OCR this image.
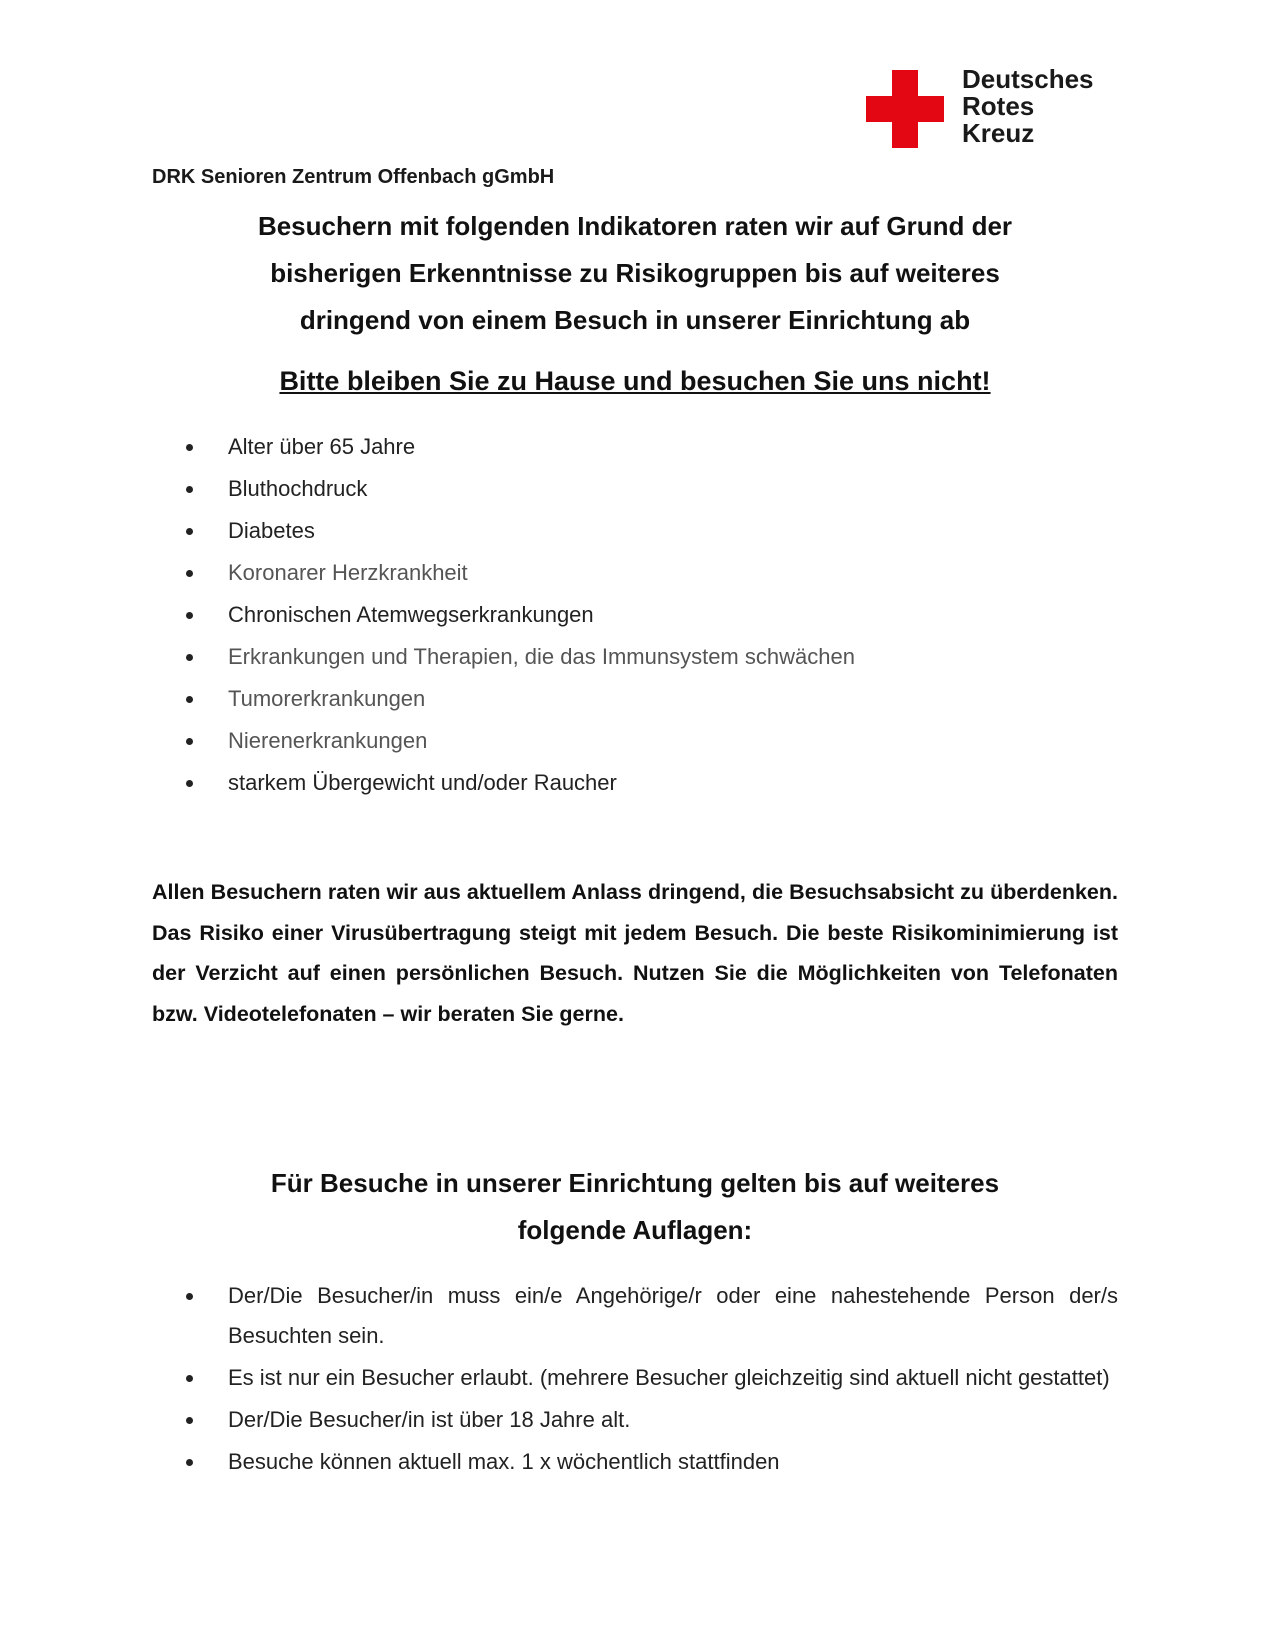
Deutsches
Rotes
Kreuz
DRK Senioren Zentrum Offenbach gGmbH
Besuchern mit folgenden Indikatoren raten wir auf Grund der
bisherigen Erkenntnisse zu Risikogruppen bis auf weiteres
dringend von einem Besuch in unserer Einrichtung ab
Bitte bleiben Sie zu Hause und besuchen Sie uns nicht!
Alter über 65 Jahre
Bluthochdruck
Diabetes
Koronarer Herzkrankheit
Chronischen Atemwegserkrankungen
Erkrankungen und Therapien, die das Immunsystem schwächen
Tumorerkrankungen
Nierenerkrankungen
starkem Übergewicht und/oder Raucher
Allen Besuchern raten wir aus aktuellem Anlass dringend, die Besuchsabsicht zu überdenken. Das Risiko einer Virusübertragung steigt mit jedem Besuch. Die beste Risikominimierung ist der Verzicht auf einen persönlichen Besuch. Nutzen Sie die Möglichkeiten von Telefonaten bzw. Videotelefonaten – wir beraten Sie gerne.
Für Besuche in unserer Einrichtung gelten bis auf weiteres
folgende Auflagen:
Der/Die Besucher/in muss ein/e Angehörige/r oder eine nahestehende Person der/s Besuchten sein.
Es ist nur ein Besucher erlaubt. (mehrere Besucher gleichzeitig sind aktuell nicht gestattet)
Der/Die Besucher/in ist über 18 Jahre alt.
Besuche können aktuell max. 1 x wöchentlich stattfinden
